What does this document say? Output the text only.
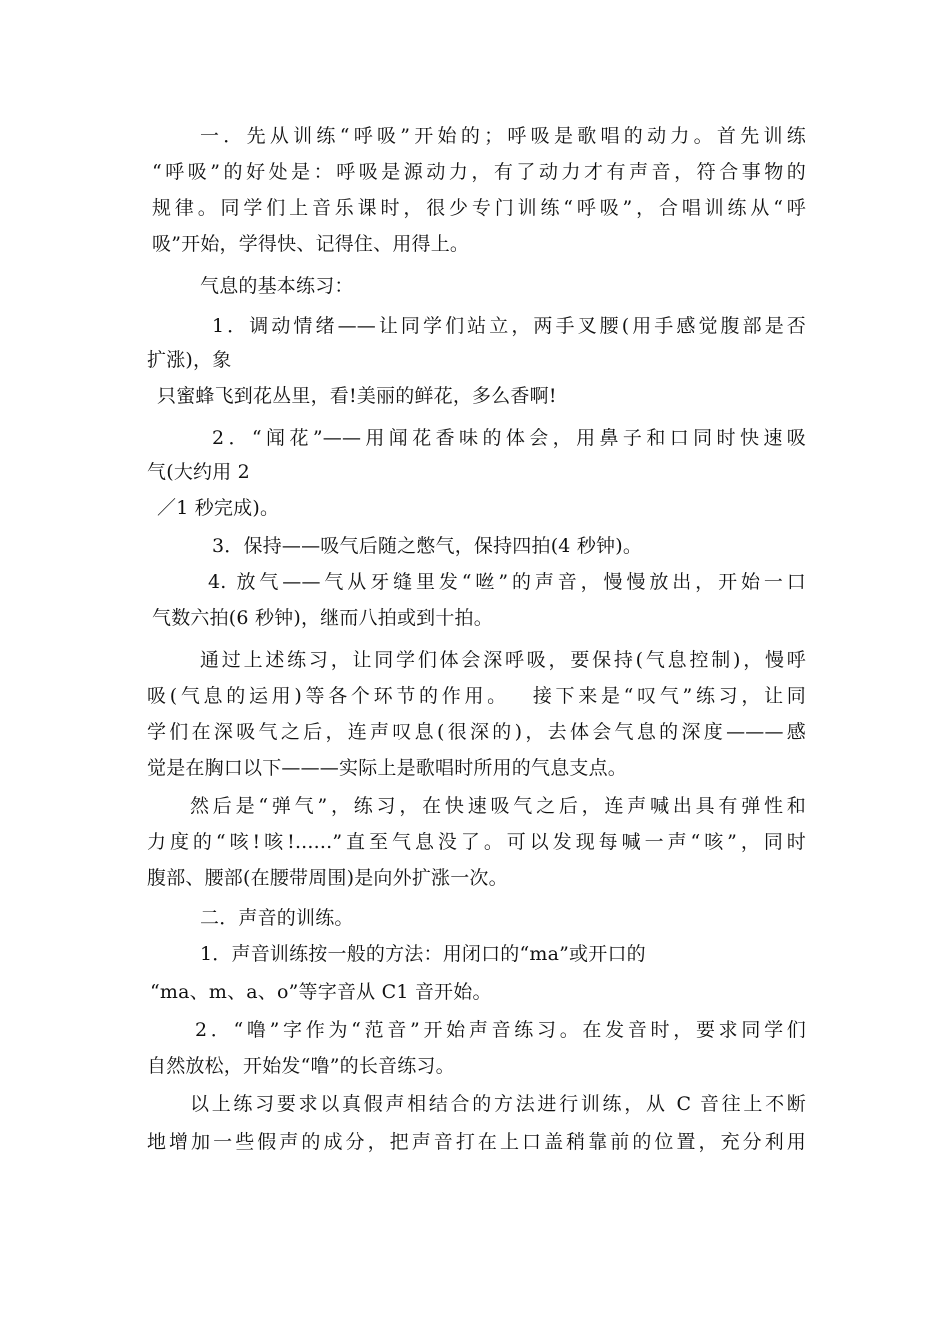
一．先从训练“呼吸”开始的；呼吸是歌唱的动力。首先训练
“呼吸”的好处是：呼吸是源动力，有了动力才有声音，符合事物的
规律。同学们上音乐课时，很少专门训练“呼吸”，合唱训练从“呼
吸”开始，学得快、记得住、用得上。
气息的基本练习：
1．调动情绪——让同学们站立，两手叉腰(用手感觉腹部是否
扩涨)，象
只蜜蜂飞到花丛里，看!美丽的鲜花，多么香啊!
2．“闻花”——用闻花香味的体会，用鼻子和口同时快速吸
气(大约用 2
／1 秒完成)。
3．保持——吸气后随之憋气，保持四拍(4 秒钟)。
4. 放气——气从牙缝里发“咝”的声音，慢慢放出，开始一口
气数六拍(6 秒钟)，继而八拍或到十拍。
通过上述练习，让同学们体会深呼吸，要保持(气息控制)，慢呼
吸(气息的运用)等各个环节的作用。　 接下来是“叹气”练习，让同
学们在深吸气之后，连声叹息(很深的)，去体会气息的深度———感
觉是在胸口以下———实际上是歌唱时所用的气息支点。
然后是“弹气”，练习，在快速吸气之后，连声喊出具有弹性和
力度的“咳!咳!......”直至气息没了。可以发现每喊一声“咳”，同时
腹部、腰部(在腰带周围)是向外扩涨一次。
二．声音的训练。
1．声音训练按一般的方法：用闭口的“ma”或开口的
“ma、m、a、o”等字音从 C1 音开始。
2．“噜”字作为“范音”开始声音练习。在发音时，要求同学们
自然放松，开始发“噜”的长音练习。
以上练习要求以真假声相结合的方法进行训练，从 C 音往上不断
地增加一些假声的成分，把声音打在上口盖稍靠前的位置，充分利用
